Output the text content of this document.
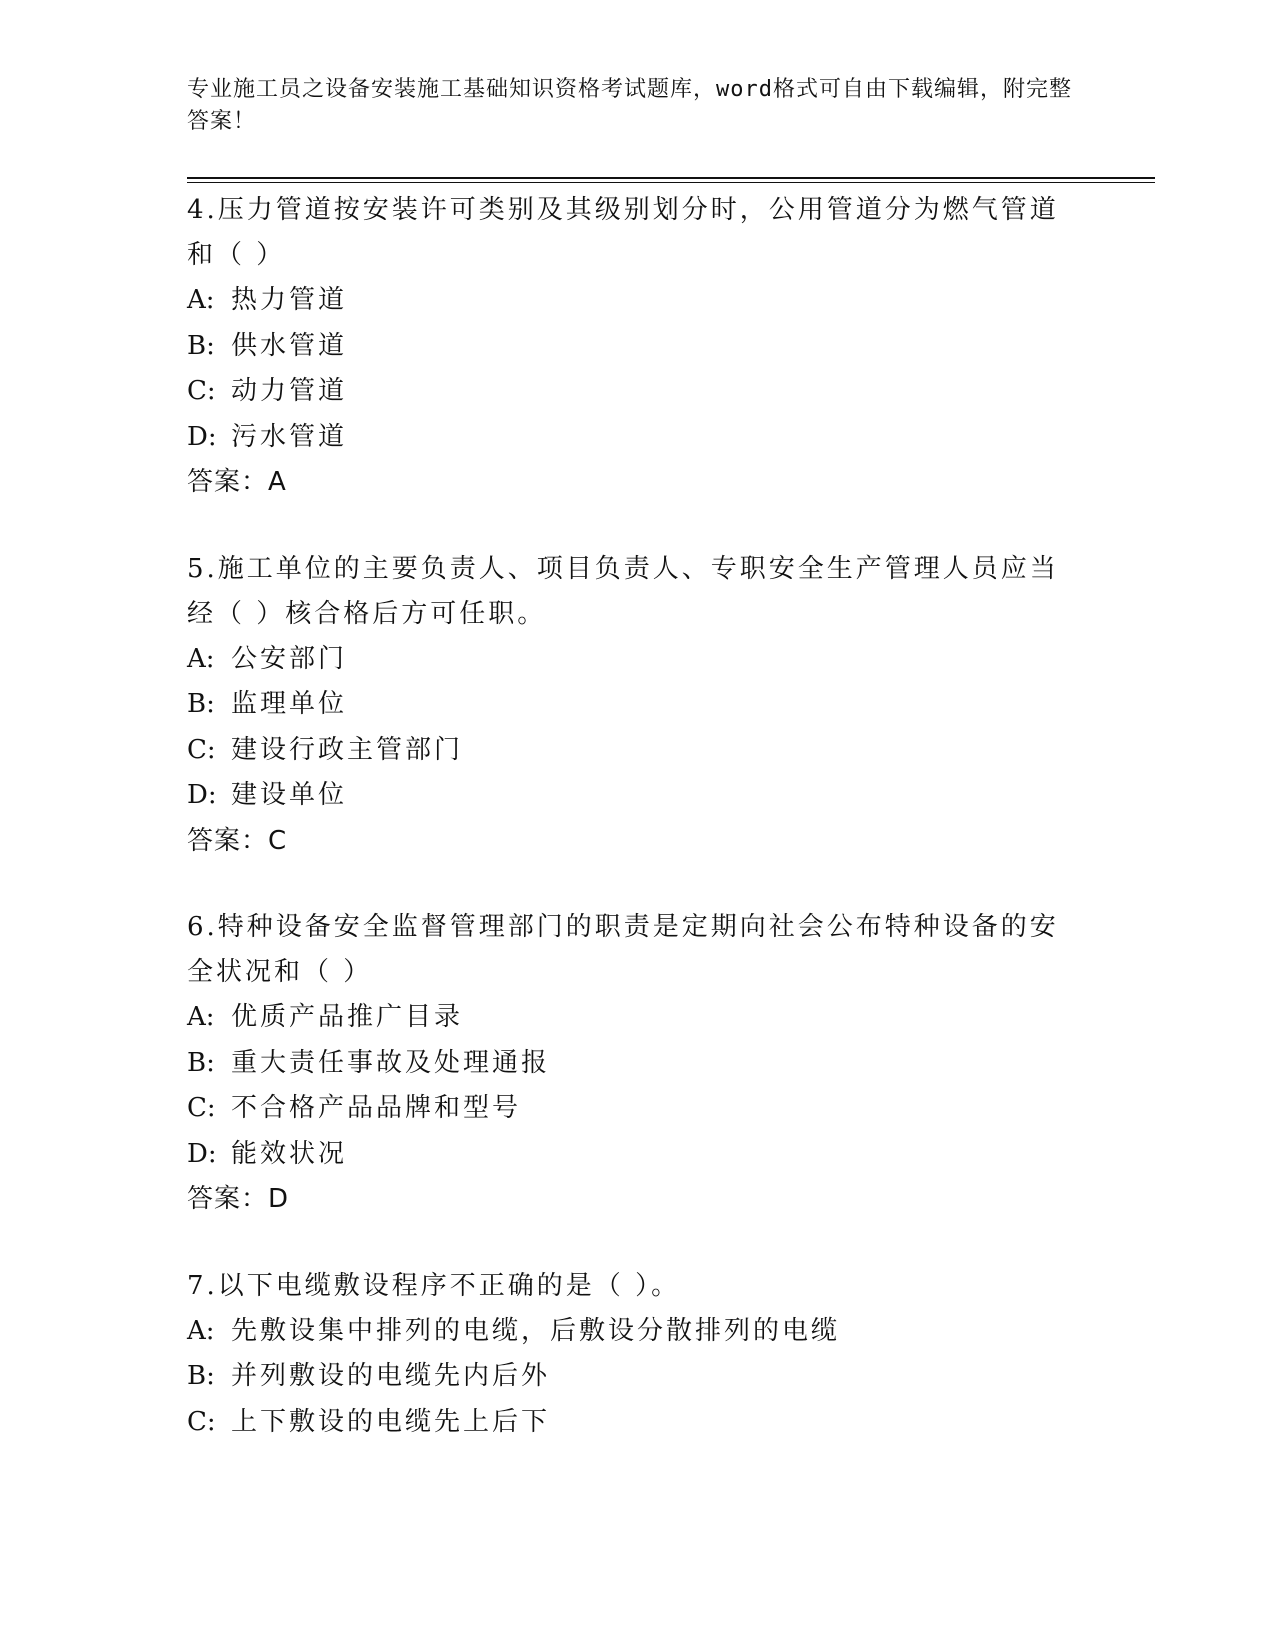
专业施工员之设备安装施工基础知识资格考试题库，word格式可自由下载编辑，附完整答案！
4.压力管道按安装许可类别及其级别划分时，公用管道分为燃气管道和（ ）
A: 热力管道
B: 供水管道
C: 动力管道
D: 污水管道
答案：A
5.施工单位的主要负责人、项目负责人、专职安全生产管理人员应当经（ ）核合格后方可任职。
A: 公安部门
B: 监理单位
C: 建设行政主管部门
D: 建设单位
答案：C
6.特种设备安全监督管理部门的职责是定期向社会公布特种设备的安全状况和（ ）
A: 优质产品推广目录
B: 重大责任事故及处理通报
C: 不合格产品品牌和型号
D: 能效状况
答案：D
7.以下电缆敷设程序不正确的是（ ）。
A: 先敷设集中排列的电缆，后敷设分散排列的电缆
B: 并列敷设的电缆先内后外
C: 上下敷设的电缆先上后下
